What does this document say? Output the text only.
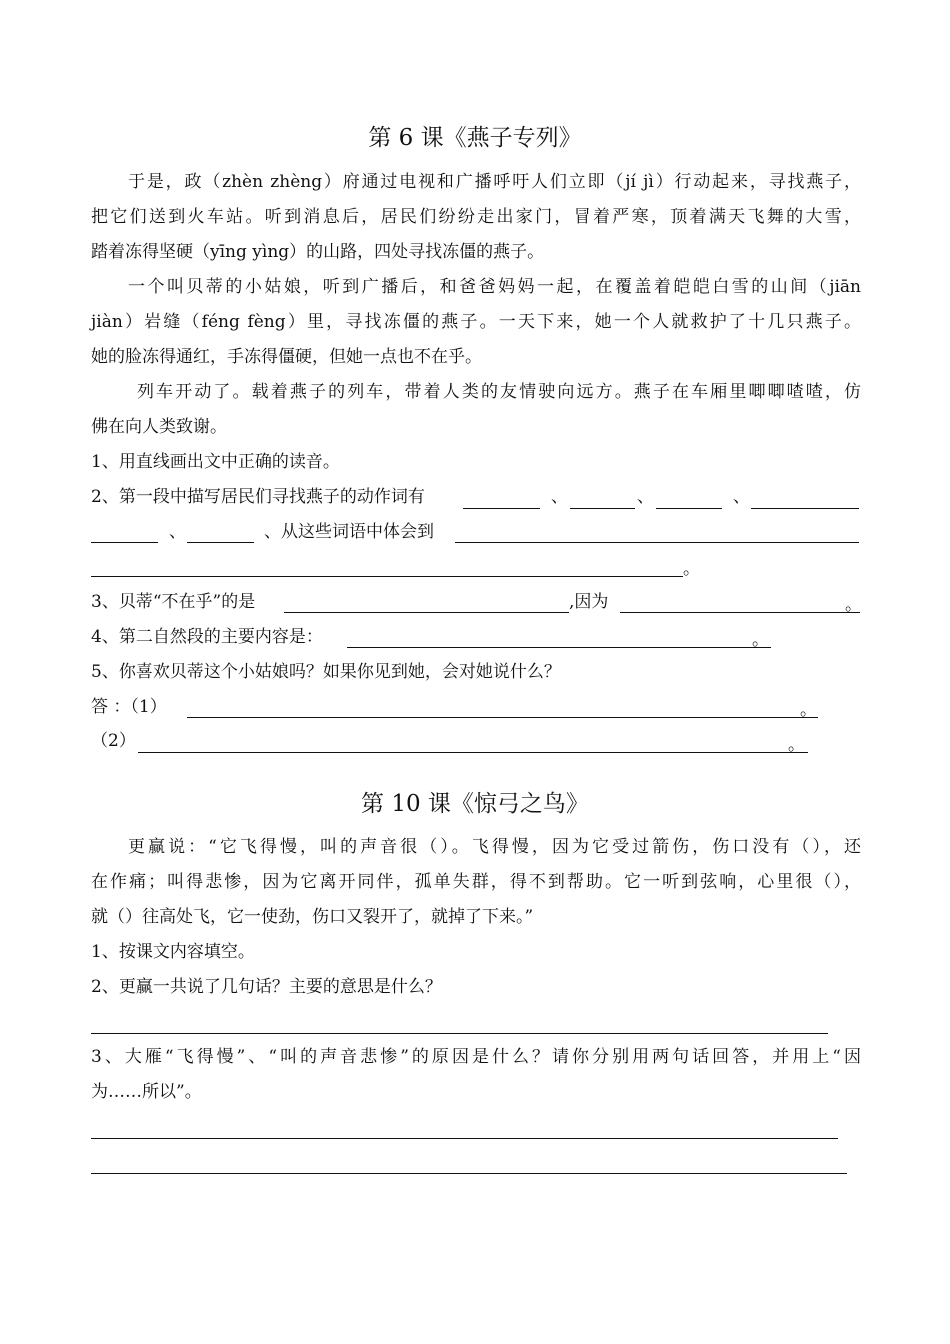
第 6 课《燕子专列》
于是，政（zhèn zhèng）府通过电视和广播呼吁人们立即（jí jì）行动起来，寻找燕子，
把它们送到火车站。听到消息后，居民们纷纷走出家门，冒着严寒，顶着满天飞舞的大雪，
踏着冻得坚硬（yīng yìng）的山路，四处寻找冻僵的燕子。
一个叫贝蒂的小姑娘，听到广播后，和爸爸妈妈一起，在覆盖着皑皑白雪的山间（jiān
jiàn）岩缝（féng fèng）里，寻找冻僵的燕子。一天下来，她一个人就救护了十几只燕子。
她的脸冻得通红，手冻得僵硬，但她一点也不在乎。
列车开动了。载着燕子的列车，带着人类的友情驶向远方。燕子在车厢里唧唧喳喳，仿
佛在向人类致谢。
1、用直线画出文中正确的读音。
2、第一段中描写居民们寻找燕子的动作词有	、	、	、
、	、从这些词语中体会到
。
3、贝蒂“不在乎”的是	,因为	。
4、第二自然段的主要内容是：	。
5、你喜欢贝蒂这个小姑娘吗？如果你见到她，会对她说什么？
答 ：（1）	。
（2）	。
第 10 课《惊弓之鸟》
更赢说：“它飞得慢，叫的声音很（）。飞得慢，因为它受过箭伤，伤口没有（），还
在作痛；叫得悲惨，因为它离开同伴，孤单失群，得不到帮助。它一听到弦响，心里很（），
就（）往高处飞，它一使劲，伤口又裂开了，就掉了下来。”
1、按课文内容填空。
2、更赢一共说了几句话？主要的意思是什么？
3、大雁“飞得慢”、“叫的声音悲惨”的原因是什么？请你分别用两句话回答，并用上“因
为……所以”。
